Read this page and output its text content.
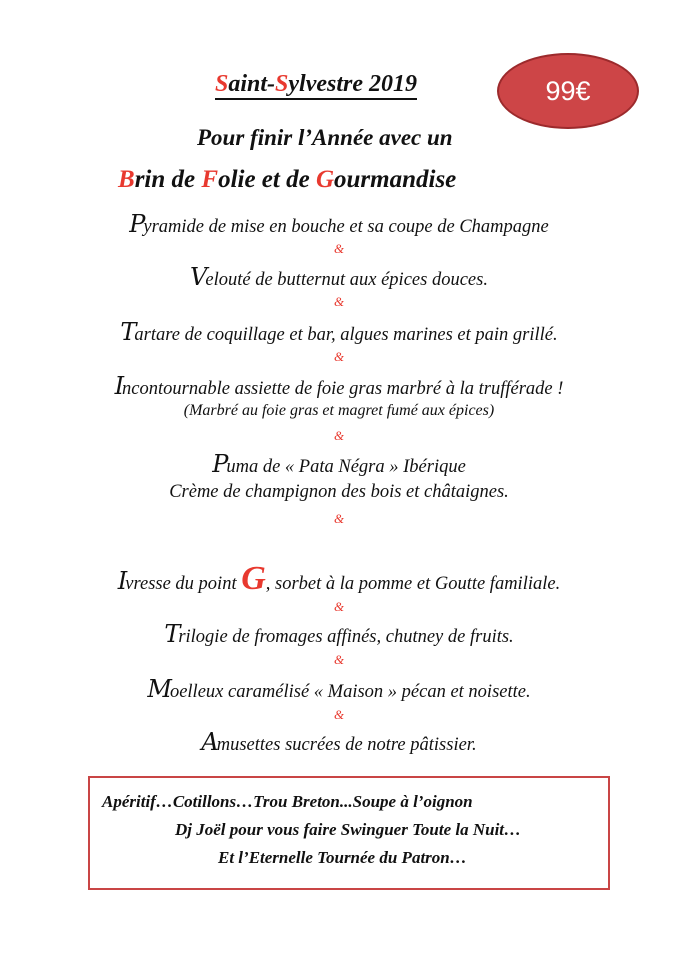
Saint-Sylvestre 2019	99€
Pour finir l’Année avec un
Brin de Folie et de Gourmandise
Pyramide de mise en bouche et sa coupe de Champagne
&
Velouté de butternut aux épices douces.
&
Tartare de coquillage et bar, algues marines et pain grillé.
&
Incontournable assiette de foie gras marbré à la trufférade !
(Marbré au foie gras et magret fumé aux épices)
&
Puma de « Pata Négra » Ibérique
Crème de champignon des bois et châtaignes.
&
Ivresse du point G, sorbet à la pomme et Goutte familiale.
&
Trilogie de fromages affinés, chutney de fruits.
&
Moelleux caramélisé « Maison » pécan et noisette.
&
Amusettes sucrées de notre pâtissier.
Apéritif…Cotillons…Trou Breton...Soupe à l’oignon
Dj Joël pour vous faire Swinguer Toute la Nuit…
Et l’Eternelle Tournée du Patron…
